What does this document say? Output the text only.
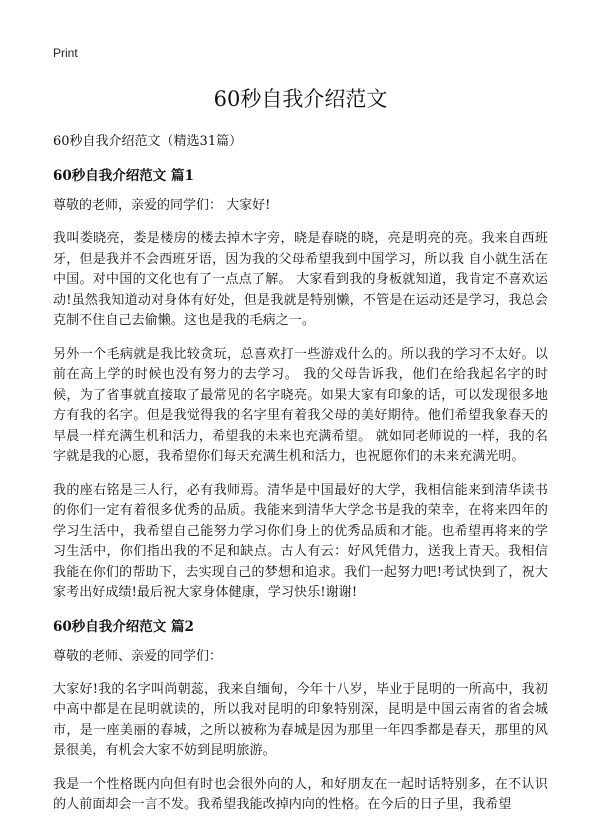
Print
60秒自我介绍范文
60秒自我介绍范文（精选31篇）
60秒自我介绍范文 篇1

尊敬的老师，亲爱的同学们： 大家好!

我叫娄晓亮，娄是楼房的楼去掉木字旁，晓是春晓的晓，亮是明亮的亮。我来自西班牙，但是我并不会西班牙语，因为我的父母希望我到中国学习，所以我 自小就生活在中国。对中国的文化也有了一点点了解。 大家看到我的身板就知道，我肯定不喜欢运动!虽然我知道动对身体有好处，但是我就是特别懒，不管是在运动还是学习，我总会克制不住自己去偷懒。这也是我的毛病之一。

另外一个毛病就是我比较贪玩，总喜欢打一些游戏什么的。所以我的学习不太好。以前在高上学的时候也没有努力的去学习。 我的父母告诉我，他们在给我起名字的时候，为了省事就直接取了最常见的名字晓亮。如果大家有印象的话，可以发现很多地方有我的名字。但是我觉得我的名字里有着我父母的美好期待。他们希望我象春天的早晨一样充满生机和活力，希望我的未来也充满希望。 就如同老师说的一样，我的名字就是我的心愿，我希望你们每天充满生机和活力，也祝愿你们的未来充满光明。

我的座右铭是三人行，必有我师焉。清华是中国最好的大学，我相信能来到清华读书的你们一定有着很多优秀的品质。我能来到清华大学念书是我的荣幸，在将来四年的学习生活中，我希望自己能努力学习你们身上的优秀品质和才能。也希望再将来的学习生活中，你们指出我的不足和缺点。古人有云：好风凭借力，送我上青天。我相信我能在你们的帮助下，去实现自己的梦想和追求。我们一起努力吧!考试快到了，祝大家考出好成绩!最后祝大家身体健康，学习快乐!谢谢!

60秒自我介绍范文 篇2

尊敬的老师、亲爱的同学们：

大家好!我的名字叫尚朝蕊，我来自缅甸，今年十八岁，毕业于昆明的一所高中，我初中高中都是在昆明就读的，所以我对昆明的印象特别深，昆明是中国云南省的省会城市，是一座美丽的春城，之所以被称为春城是因为那里一年四季都是春天，那里的风景很美，有机会大家不妨到昆明旅游。

我是一个性格既内向但有时也会很外向的人，和好朋友在一起时话特别多，在不认识的人前面却会一言不发。我希望我能改掉内向的性格。在今后的日子里，我希望
